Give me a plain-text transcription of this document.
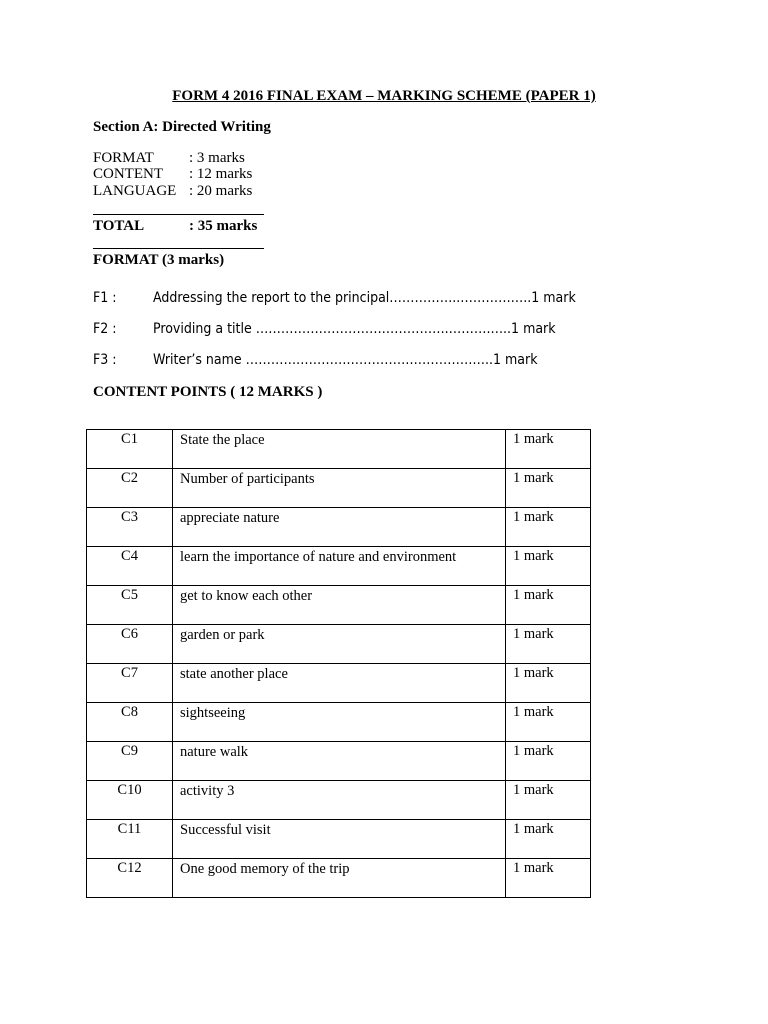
FORM 4 2016 FINAL EXAM – MARKING SCHEME (PAPER 1)
Section A: Directed Writing
FORMAT : 3 marks
CONTENT : 12 marks
LANGUAGE : 20 marks
TOTAL	: 35 marks
FORMAT (3 marks)
F1 :	Addressing the report to the principal……………..……………..1 mark
F2 :	Providing a title ……………………………………….……….…..1 mark
F3 :	Writer’s name …………………………………………………..1 mark
CONTENT POINTS ( 12 MARKS )
C1	State the place	1 mark
C2	Number of participants	1 mark
C3	appreciate nature	1 mark
C4	learn the importance of nature and environment	1 mark
C5	get to know each other	1 mark
C6	garden or park	1 mark
C7	state another place	1 mark
C8	sightseeing	1 mark
C9	nature walk	1 mark
C10	activity 3	1 mark
C11	Successful visit	1 mark
C12	One good memory of the trip	1 mark
